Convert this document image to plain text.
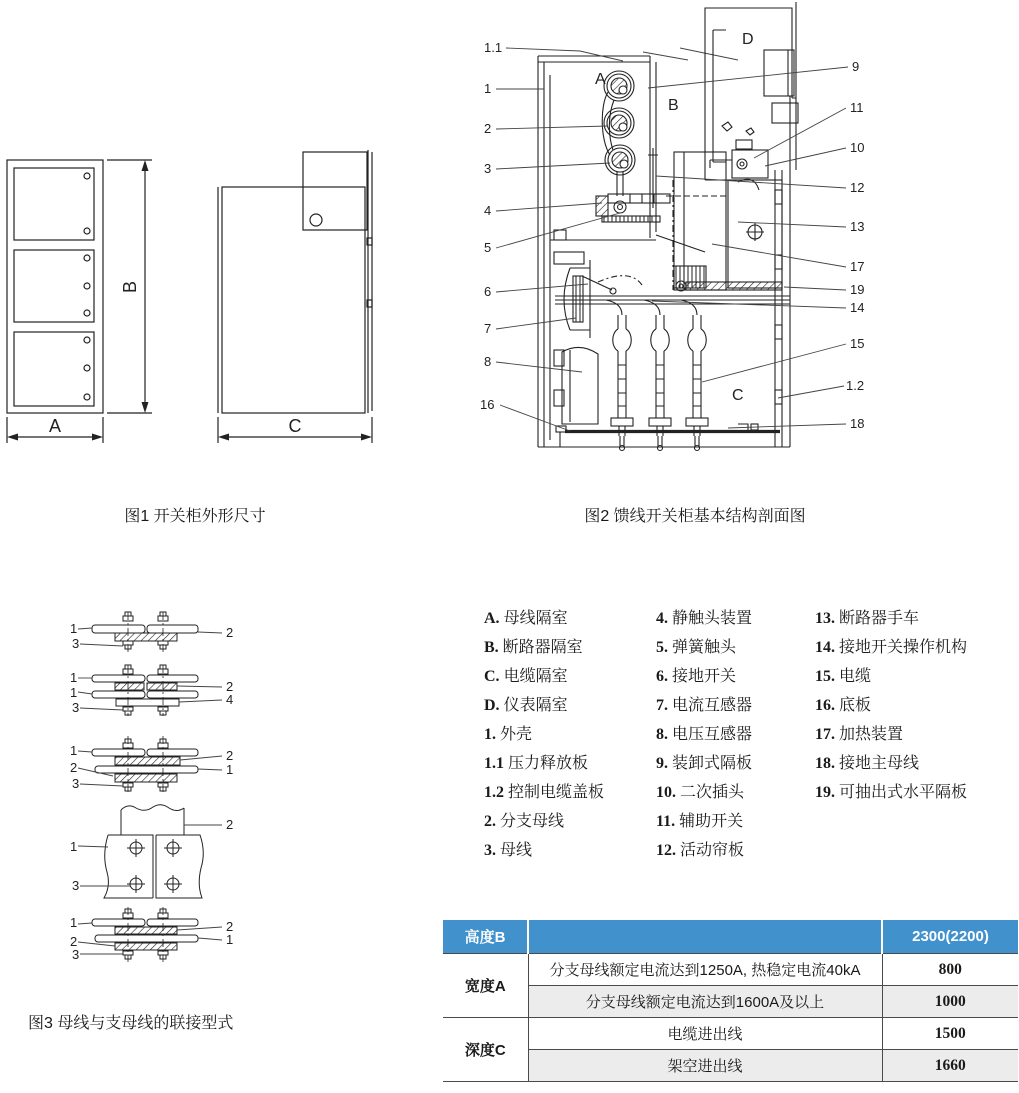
A
B
C
图1 开关柜外形尺寸
A
B
C
D
1.1
1
2
3
4
5
6
7
8
16
9
11
10
12
13
17
19
14
15
1.2
18
图2 馈线开关柜基本结构剖面图
1
3
2
1
1
3
2
4
1
2
3
2
1
1
3
2
1
2
3
2
1
图3 母线与支母线的联接型式
A. 母线隔室
B. 断路器隔室
C. 电缆隔室
D. 仪表隔室
1. 外壳
1.1 压力释放板
1.2 控制电缆盖板
2. 分支母线
3. 母线
4. 静触头装置
5. 弹簧触头
6. 接地开关
7. 电流互感器
8. 电压互感器
9. 装卸式隔板
10. 二次插头
11. 辅助开关
12. 活动帘板
13. 断路器手车
14. 接地开关操作机构
15. 电缆
16. 底板
17. 加热装置
18. 接地主母线
19. 可抽出式水平隔板
高度B		2300(2200)
宽度A	分支母线额定电流达到1250A, 热稳定电流40kA	800
	分支母线额定电流达到1600A及以上	1000
深度C	电缆进出线	1500
	架空进出线	1660
